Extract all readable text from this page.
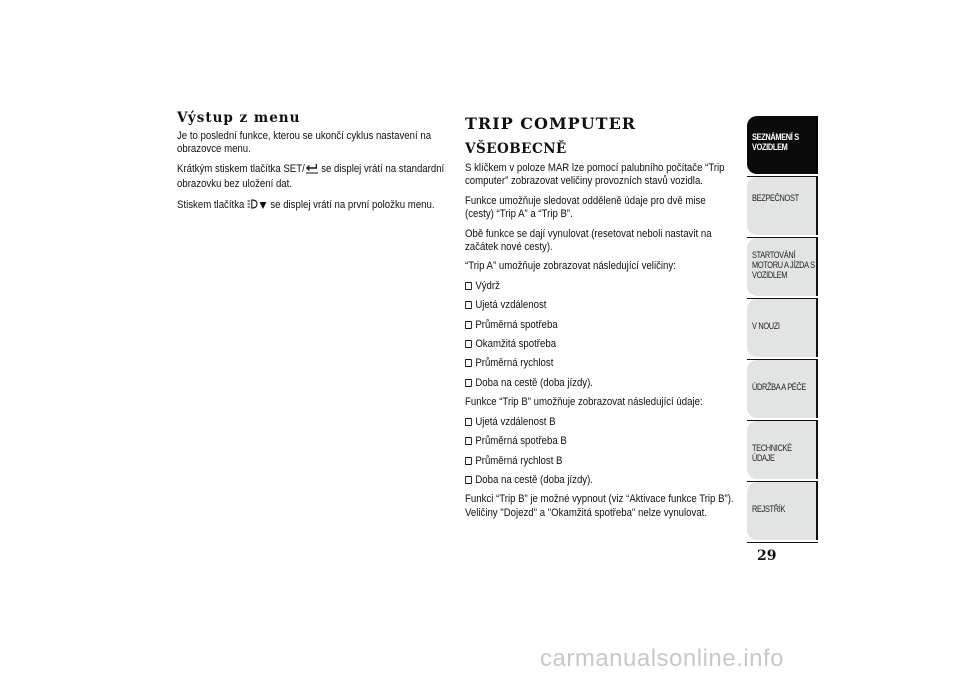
Výstup z menu

Je to poslední funkce, kterou se ukončí cyklus nastavení na obrazovce menu.

Krátkým stiskem tlačítka SET/ se displej vrátí na standardní obrazovku bez uložení dat.

Stiskem tlačítka  se displej vrátí na první položku menu.

TRIP COMPUTER
VŠEOBECNĚ

S klíčkem v poloze MAR lze pomocí palubního počítače “Trip computer” zobrazovat veličiny provozních stavů vozidla.

Funkce umožňuje sledovat odděleně údaje pro dvě mise (cesty) “Trip A” a “Trip B”.

Obě funkce se dají vynulovat (resetovat neboli nastavit na začátek nové cesty).

“Trip A” umožňuje zobrazovat následující veličiny:

Výdrž
Ujetá vzdálenost
Průměrná spotřeba
Okamžitá spotřeba
Průměrná rychlost
Doba na cestě (doba jízdy).

Funkce “Trip B” umožňuje zobrazovat následující údaje:

Ujetá vzdálenost B
Průměrná spotřeba B
Průměrná rychlost B
Doba na cestě (doba jízdy).

Funkci “Trip B” je možné vypnout (viz “Aktivace funkce Trip B”). Veličiny "Dojezd" a "Okamžitá spotřeba" nelze vynulovat.

SEZNÁMENÍ S VOZIDLEM
BEZPEČNOST
STARTOVÁNÍ MOTORU A JÍZDA S VOZIDLEM
V NOUZI
ÚDRŽBA A PÉČE
TECHNICKÉ ÚDAJE
REJSTŘÍK
29
carmanualsonline.info
